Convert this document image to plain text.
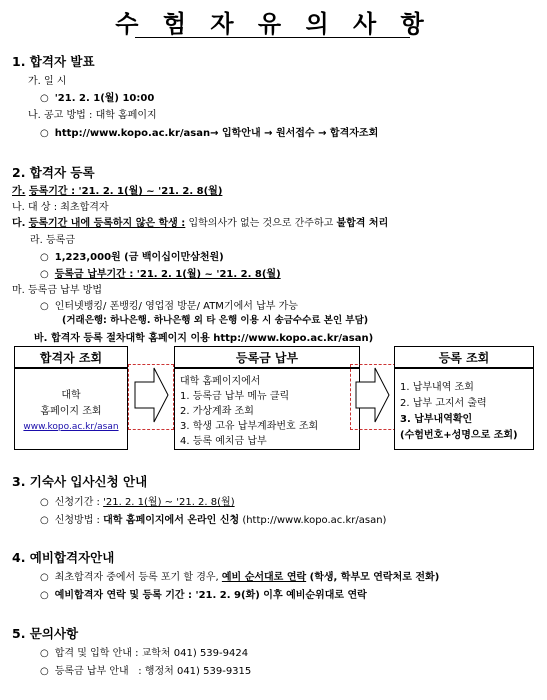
수 험 자 유 의 사 항
1. 합격자 발표
가. 일 시
○ '21. 2. 1(월) 10:00
나. 공고 방법 : 대학 홈페이지
○ http://www.kopo.ac.kr/asan→ 입학안내 → 원서접수 → 합격자조회
2. 합격자 등록
가. 등록기간 : '21. 2. 1(월) ~ '21. 2. 8(월)
나. 대 상 : 최초합격자
다. 등록기간 내에 등록하지 않은 학생 : 입학의사가 없는 것으로 간주하고 불합격 처리
라. 등록금
○ 1,223,000원 (금 백이십이만삼천원)
○ 등록금 납부기간 : '21. 2. 1(월) ~ '21. 2. 8(월)
마. 등록금 납부 방법
○ 인터넷뱅킹/ 폰뱅킹/ 영업점 방문/ ATM기에서 납부 가능
(거래은행: 하나은행. 하나은행 외 타 은행 이용 시 송금수수료 본인 부담)
바. 합격자 등록 절차대학 홈페이지 이용 http://www.kopo.ac.kr/asan)
합격자 조회
대학
홈페이지 조회
www.kopo.ac.kr/asan
등록금 납부
대학 홈페이지에서
1. 등록금 납부 메뉴 클릭
2. 가상계좌 조회
3. 학생 고유 납부계좌번호 조회
4. 등록 예치금 납부
등록 조회
1. 납부내역 조회
2. 납부 고지서 출력
3. 납부내역확인
(수험번호+성명으로 조회)
3. 기숙사 입사신청 안내
○ 신청기간 : '21. 2. 1(월) ~ '21. 2. 8(월)
○ 신청방법 : 대학 홈페이지에서 온라인 신청 (http://www.kopo.ac.kr/asan)
4. 예비합격자안내
○ 최초합격자 중에서 등록 포기 할 경우, 예비 순서대로 연락 (학생, 학부모 연락처로 전화)
○ 예비합격자 연락 및 등록 기간 : '21. 2. 9(화) 이후 예비순위대로 연락
5. 문의사항
○ 합격 및 입학 안내 : 교학처 041) 539-9424
○ 등록금 납부 안내   : 행정처 041) 539-9315
